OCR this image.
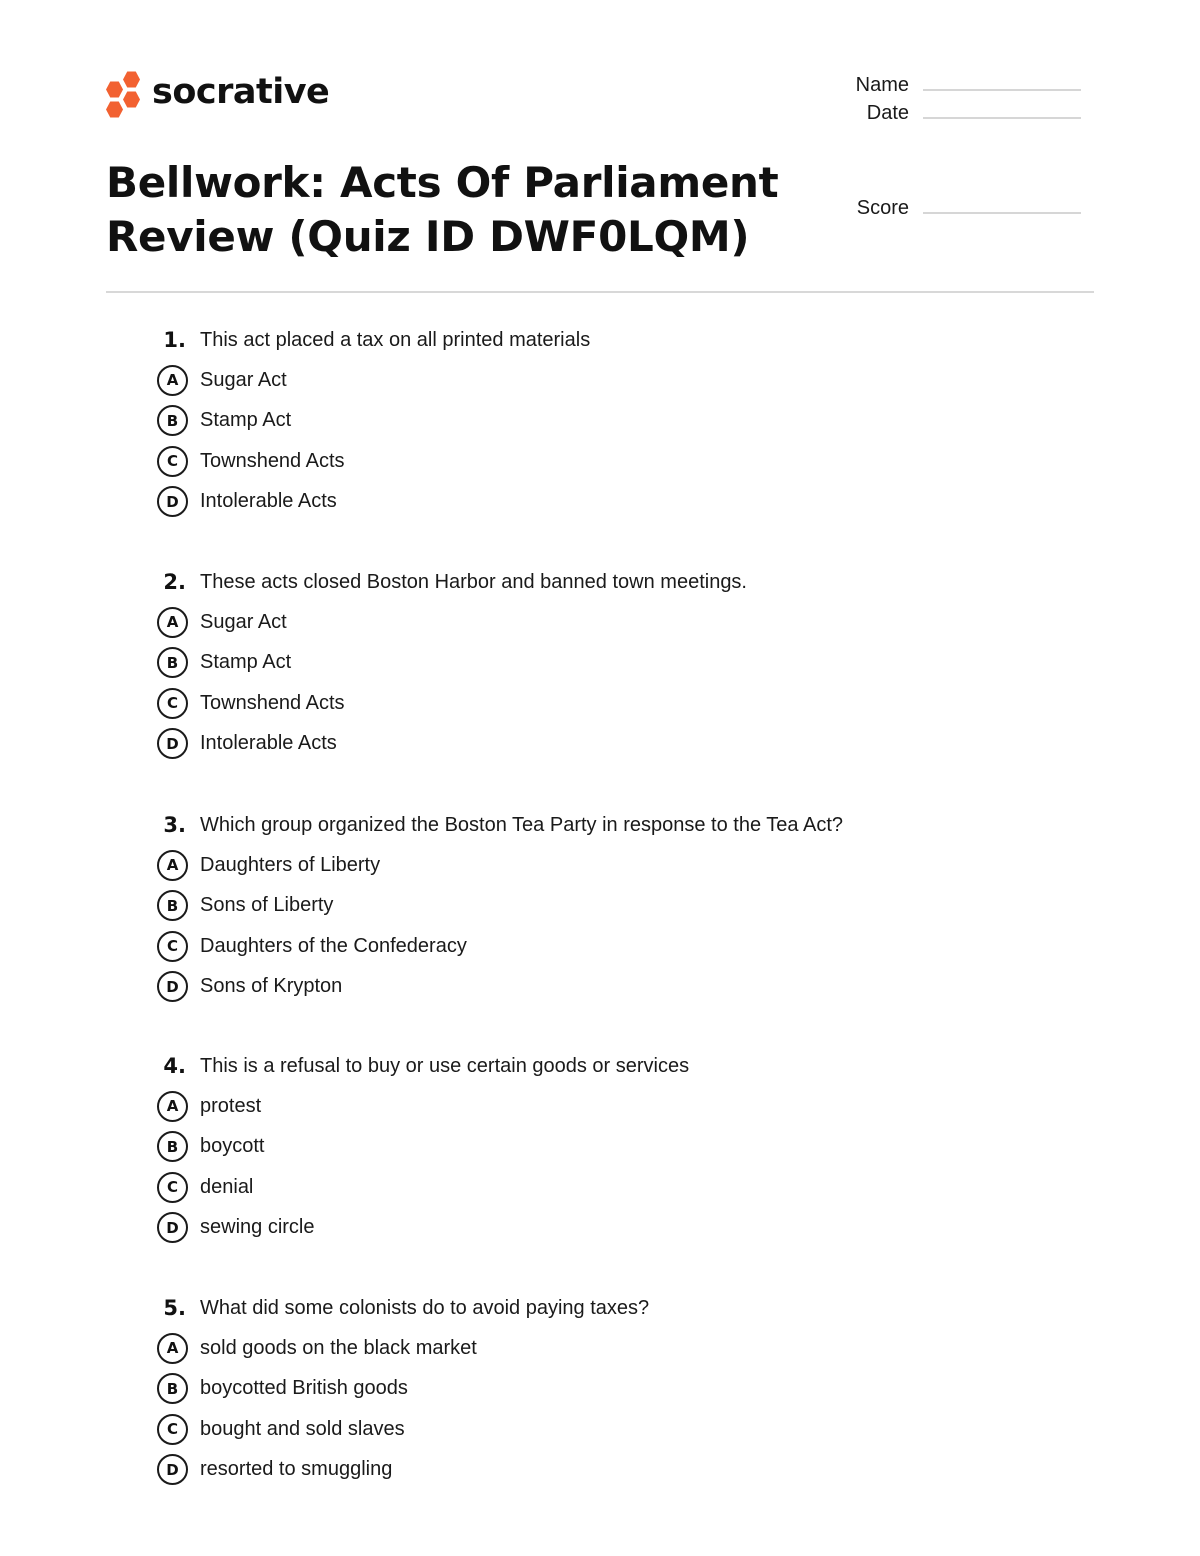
socrative	Name
Date
Score
Bellwork: Acts Of Parliament Review (Quiz ID DWF0LQM)
1. This act placed a tax on all printed materials
A	Sugar Act
B	Stamp Act
C	Townshend Acts
D	Intolerable Acts
2. These acts closed Boston Harbor and banned town meetings.
A	Sugar Act
B	Stamp Act
C	Townshend Acts
D	Intolerable Acts
3. Which group organized the Boston Tea Party in response to the Tea Act?
A	Daughters of Liberty
B	Sons of Liberty
C	Daughters of the Confederacy
D	Sons of Krypton
4. This is a refusal to buy or use certain goods or services
A	protest
B	boycott
C	denial
D	sewing circle
5. What did some colonists do to avoid paying taxes?
A	sold goods on the black market
B	boycotted British goods
C	bought and sold slaves
D	resorted to smuggling
